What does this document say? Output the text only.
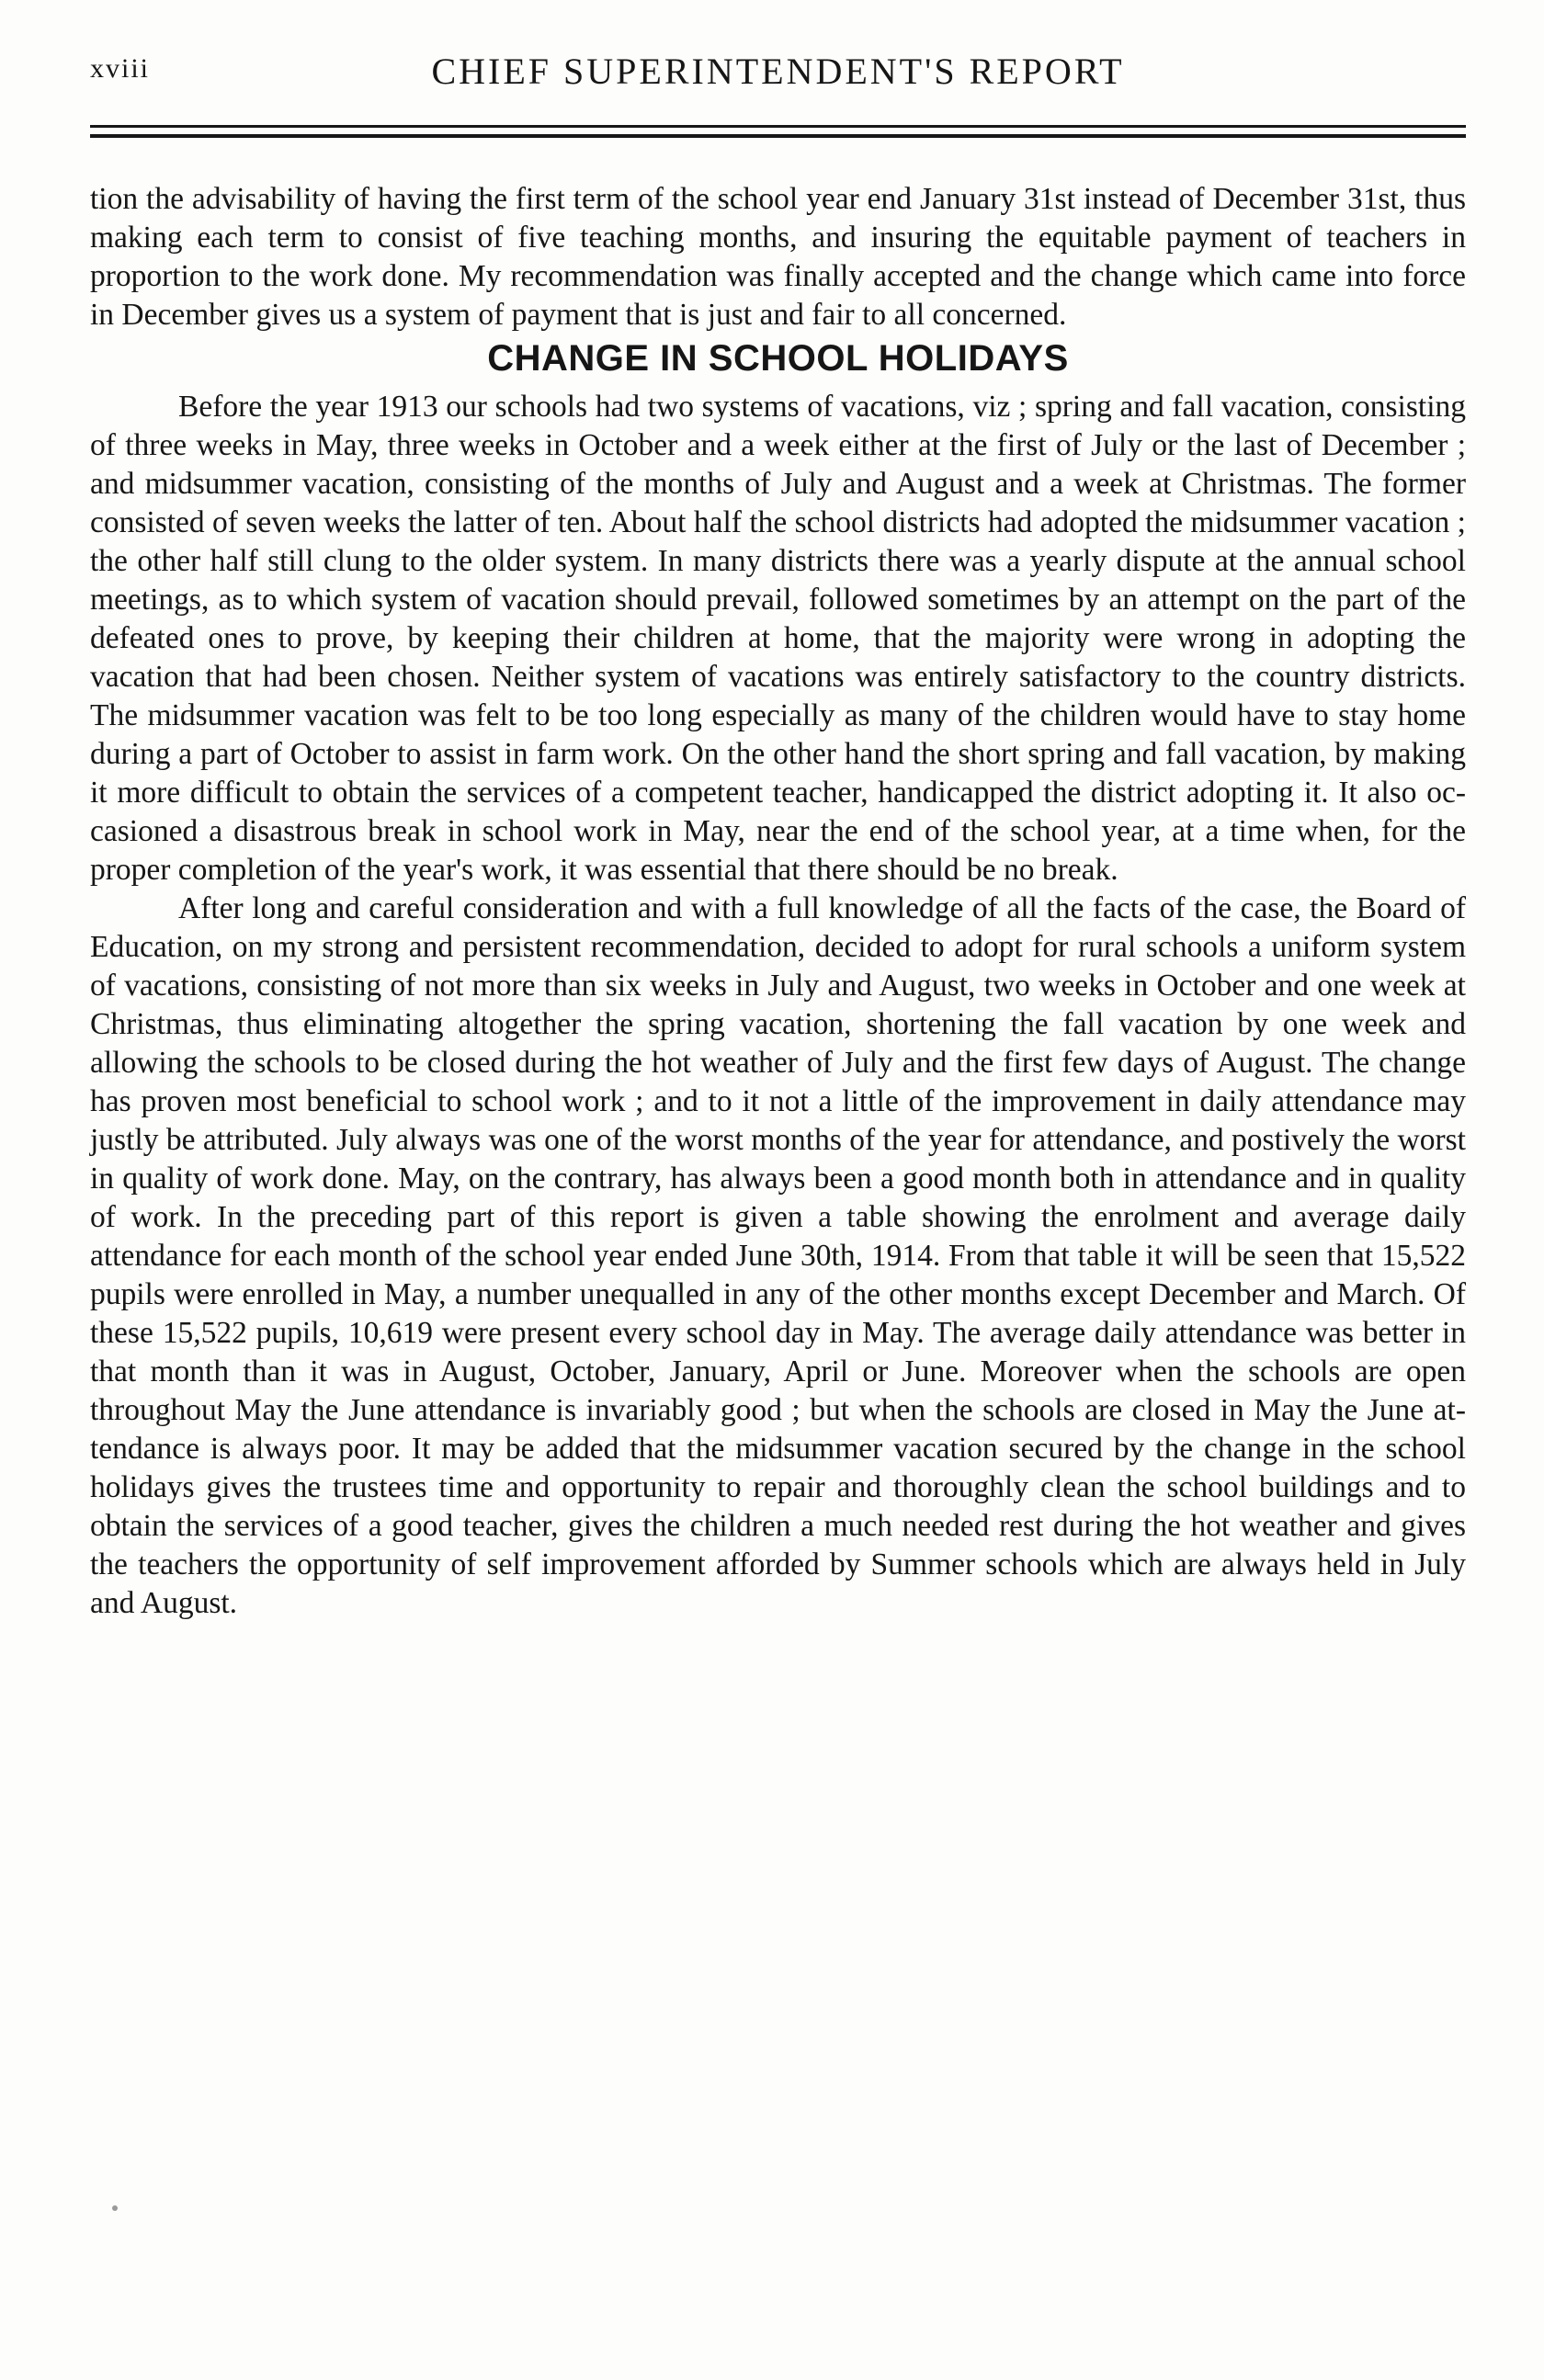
xviii	CHIEF SUPERINTENDENT'S REPORT

tion the advisability of having the first term of the school year end January 31st instead of December 31st, thus making each term to consist of five teaching months, and insuring the equitable payment of teachers in proportion to the work done. My recommendation was finally accepted and the change which came into force in December gives us a system of payment that is just and fair to all concerned.

CHANGE IN SCHOOL HOLIDAYS

Before the year 1913 our schools had two systems of vacations, viz ; spring and fall vacation, consisting of three weeks in May, three weeks in October and a week either at the first of July or the last of December ; and midsummer vacation, consisting of the months of July and August and a week at Christmas. The former consisted of seven weeks the latter of ten. About half the school districts had adopted the midsummer vacation ; the other half still clung to the older system. In many districts there was a yearly dispute at the annual school meetings, as to which system of vacation should prevail, followed sometimes by an attempt on the part of the defeated ones to prove, by keeping their children at home, that the majority were wrong in adopting the vacation that had been chosen. Neither system of vacations was entirely satisfactory to the country districts. The midsummer vacation was felt to be too long especially as many of the children would have to stay home during a part of October to assist in farm work. On the other hand the short spring and fall vacation, by making it more difficult to obtain the services of a competent teacher, handicapped the district adopting it. It also occasioned a disastrous break in school work in May, near the end of the school year, at a time when, for the proper completion of the year's work, it was essential that there should be no break.

After long and careful consideration and with a full knowledge of all the facts of the case, the Board of Education, on my strong and persistent recommendation, decided to adopt for rural schools a uniform system of vacations, consisting of not more than six weeks in July and August, two weeks in October and one week at Christmas, thus eliminating altogether the spring vacation, shortening the fall vacation by one week and allowing the schools to be closed during the hot weather of July and the first few days of August. The change has proven most beneficial to school work ; and to it not a little of the improvement in daily attendance may justly be attributed. July always was one of the worst months of the year for attendance, and postively the worst in quality of work done. May, on the contrary, has always been a good month both in attendance and in quality of work. In the preceding part of this report is given a table showing the enrolment and average daily attendance for each month of the school year ended June 30th, 1914. From that table it will be seen that 15,522 pupils were enrolled in May, a number unequalled in any of the other months except December and March. Of these 15,522 pupils, 10,619 were present every school day in May. The average daily attendance was better in that month than it was in August, October, January, April or June. Moreover when the schools are open throughout May the June attendance is invariably good ; but when the schools are closed in May the June attendance is always poor. It may be added that the midsummer vacation secured by the change in the school holidays gives the trustees time and opportunity to repair and thoroughly clean the school buildings and to obtain the services of a good teacher, gives the children a much needed rest during the hot weather and gives the teachers the opportunity of self improvement afforded by Summer schools which are always held in July and August.
